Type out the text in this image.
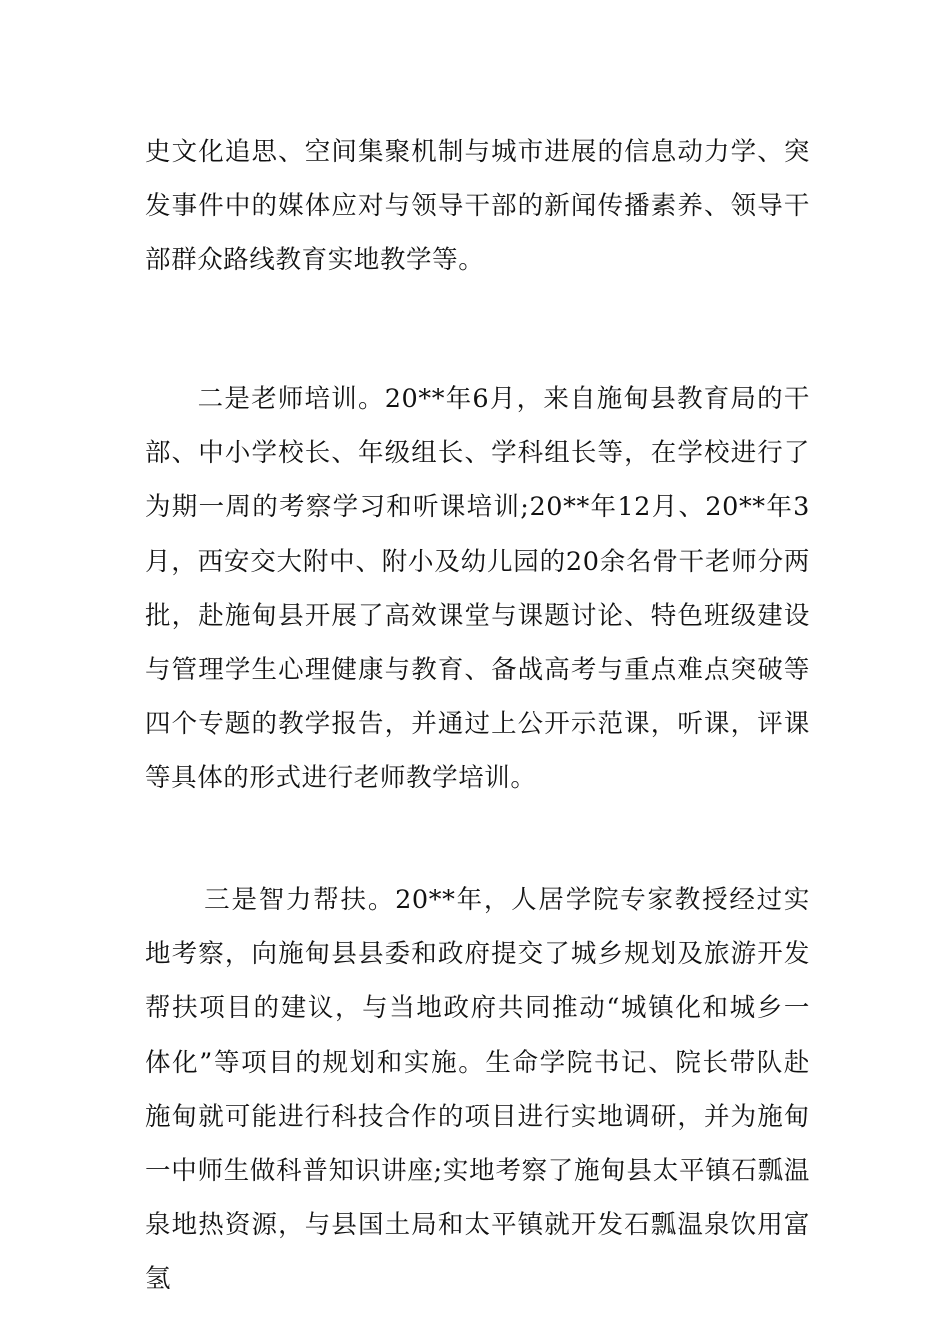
史文化追思、空间集聚机制与城市进展的信息动力学、突发事件中的媒体应对与领导干部的新闻传播素养、领导干部群众路线教育实地教学等。

二是老师培训。20**年6月，来自施甸县教育局的干部、中小学校长、年级组长、学科组长等，在学校进行了为期一周的考察学习和听课培训;20**年12月、20**年3月，西安交大附中、附小及幼儿园的20余名骨干老师分两批，赴施甸县开展了高效课堂与课题讨论、特色班级建设与管理学生心理健康与教育、备战高考与重点难点突破等四个专题的教学报告，并通过上公开示范课，听课，评课等具体的形式进行老师教学培训。

三是智力帮扶。20**年，人居学院专家教授经过实地考察，向施甸县县委和政府提交了城乡规划及旅游开发帮扶项目的建议，与当地政府共同推动“城镇化和城乡一体化”等项目的规划和实施。生命学院书记、院长带队赴施甸就可能进行科技合作的项目进行实地调研，并为施甸一中师生做科普知识讲座;实地考察了施甸县太平镇石瓢温泉地热资源，与县国土局和太平镇就开发石瓢温泉饮用富氢
